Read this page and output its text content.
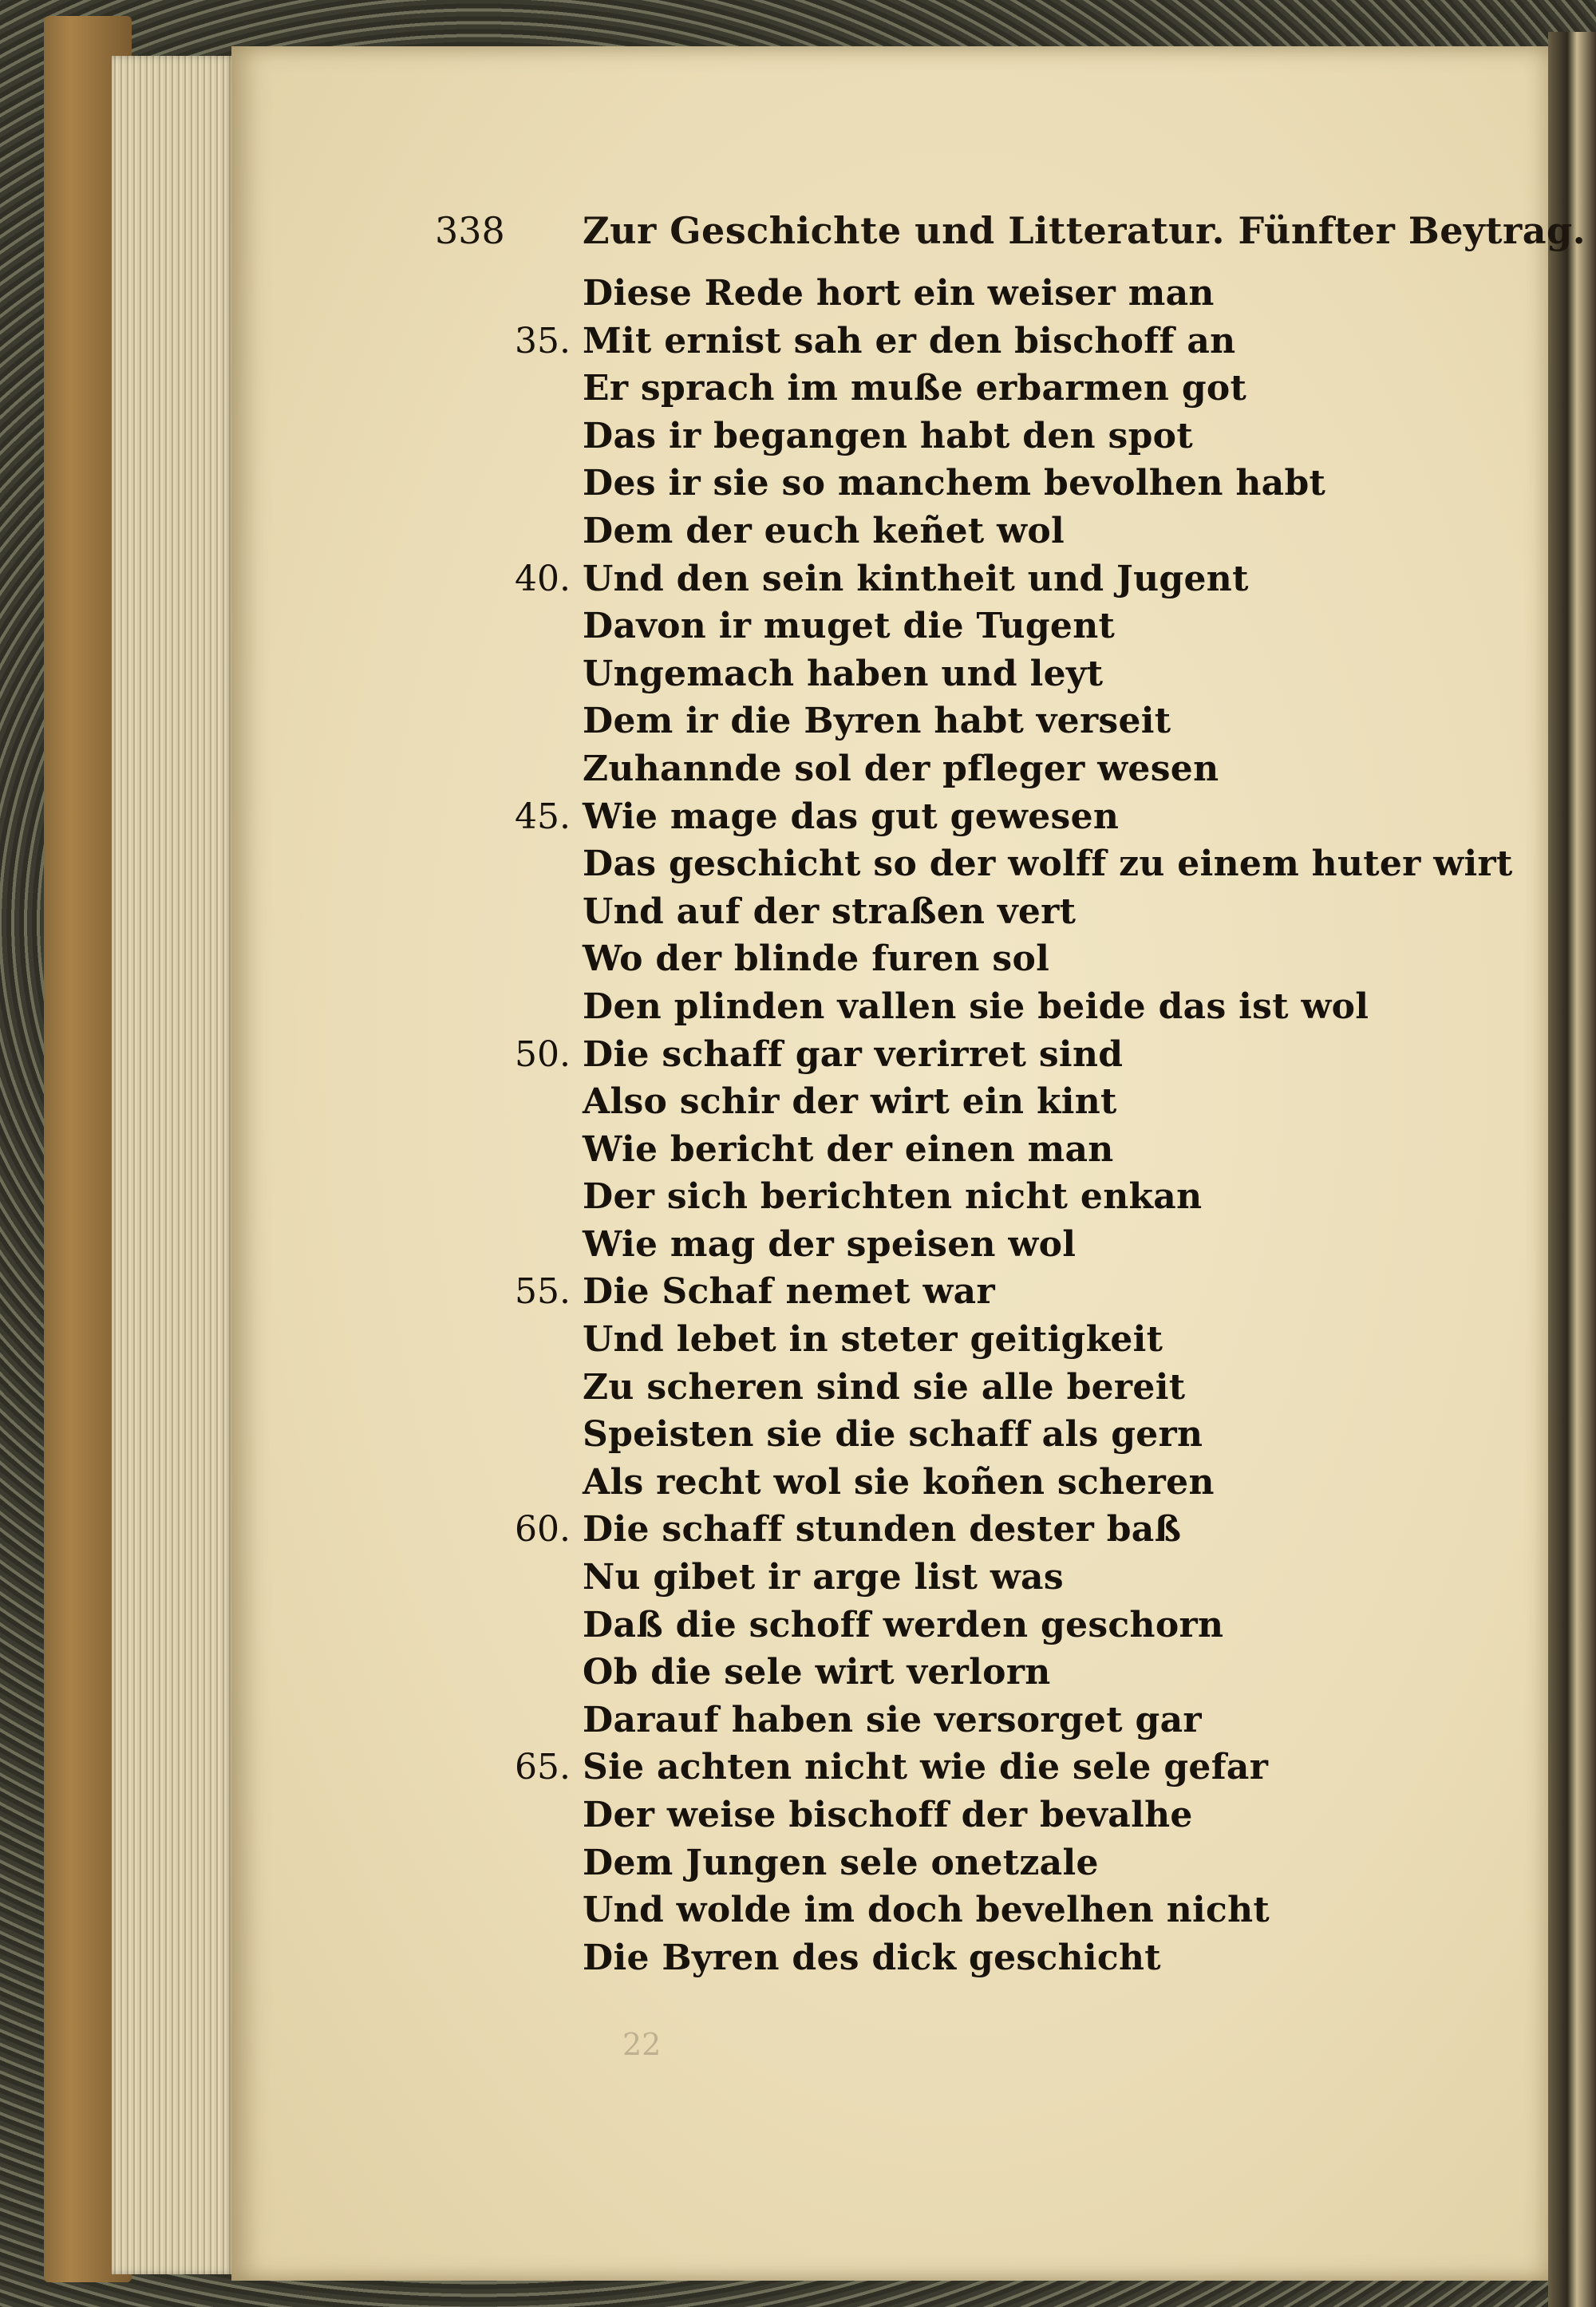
338 Zur Geschichte und Litteratur. Fünfter Beytrag.
Diese Rede hort ein weiser man
35. Mit ernist sah er den bischoff an
Er sprach im muße erbarmen got
Das ir begangen habt den spot
Des ir sie so manchem bevolhen habt
Dem der euch keñet wol
40. Und den sein kintheit und Jugent
Davon ir muget die Tugent
Ungemach haben und leyt
Dem ir die Byren habt verseit
Zuhannde sol der pfleger wesen
45. Wie mage das gut gewesen
Das geschicht so der wolff zu einem huter wirt
Und auf der straßen vert
Wo der blinde furen sol
Den plinden vallen sie beide das ist wol
50. Die schaff gar verirret sind
Also schir der wirt ein kint
Wie bericht der einen man
Der sich berichten nicht enkan
Wie mag der speisen wol
55. Die Schaf nemet war
Und lebet in steter geitigkeit
Zu scheren sind sie alle bereit
Speisten sie die schaff als gern
Als recht wol sie koñen scheren
60. Die schaff stunden dester baß
Nu gibet ir arge list was
Daß die schoff werden geschorn
Ob die sele wirt verlorn
Darauf haben sie versorget gar
65. Sie achten nicht wie die sele gefar
Der weise bischoff der bevalhe
Dem Jungen sele onetzale
Und wolde im doch bevelhen nicht
Die Byren des dick geschicht
22
